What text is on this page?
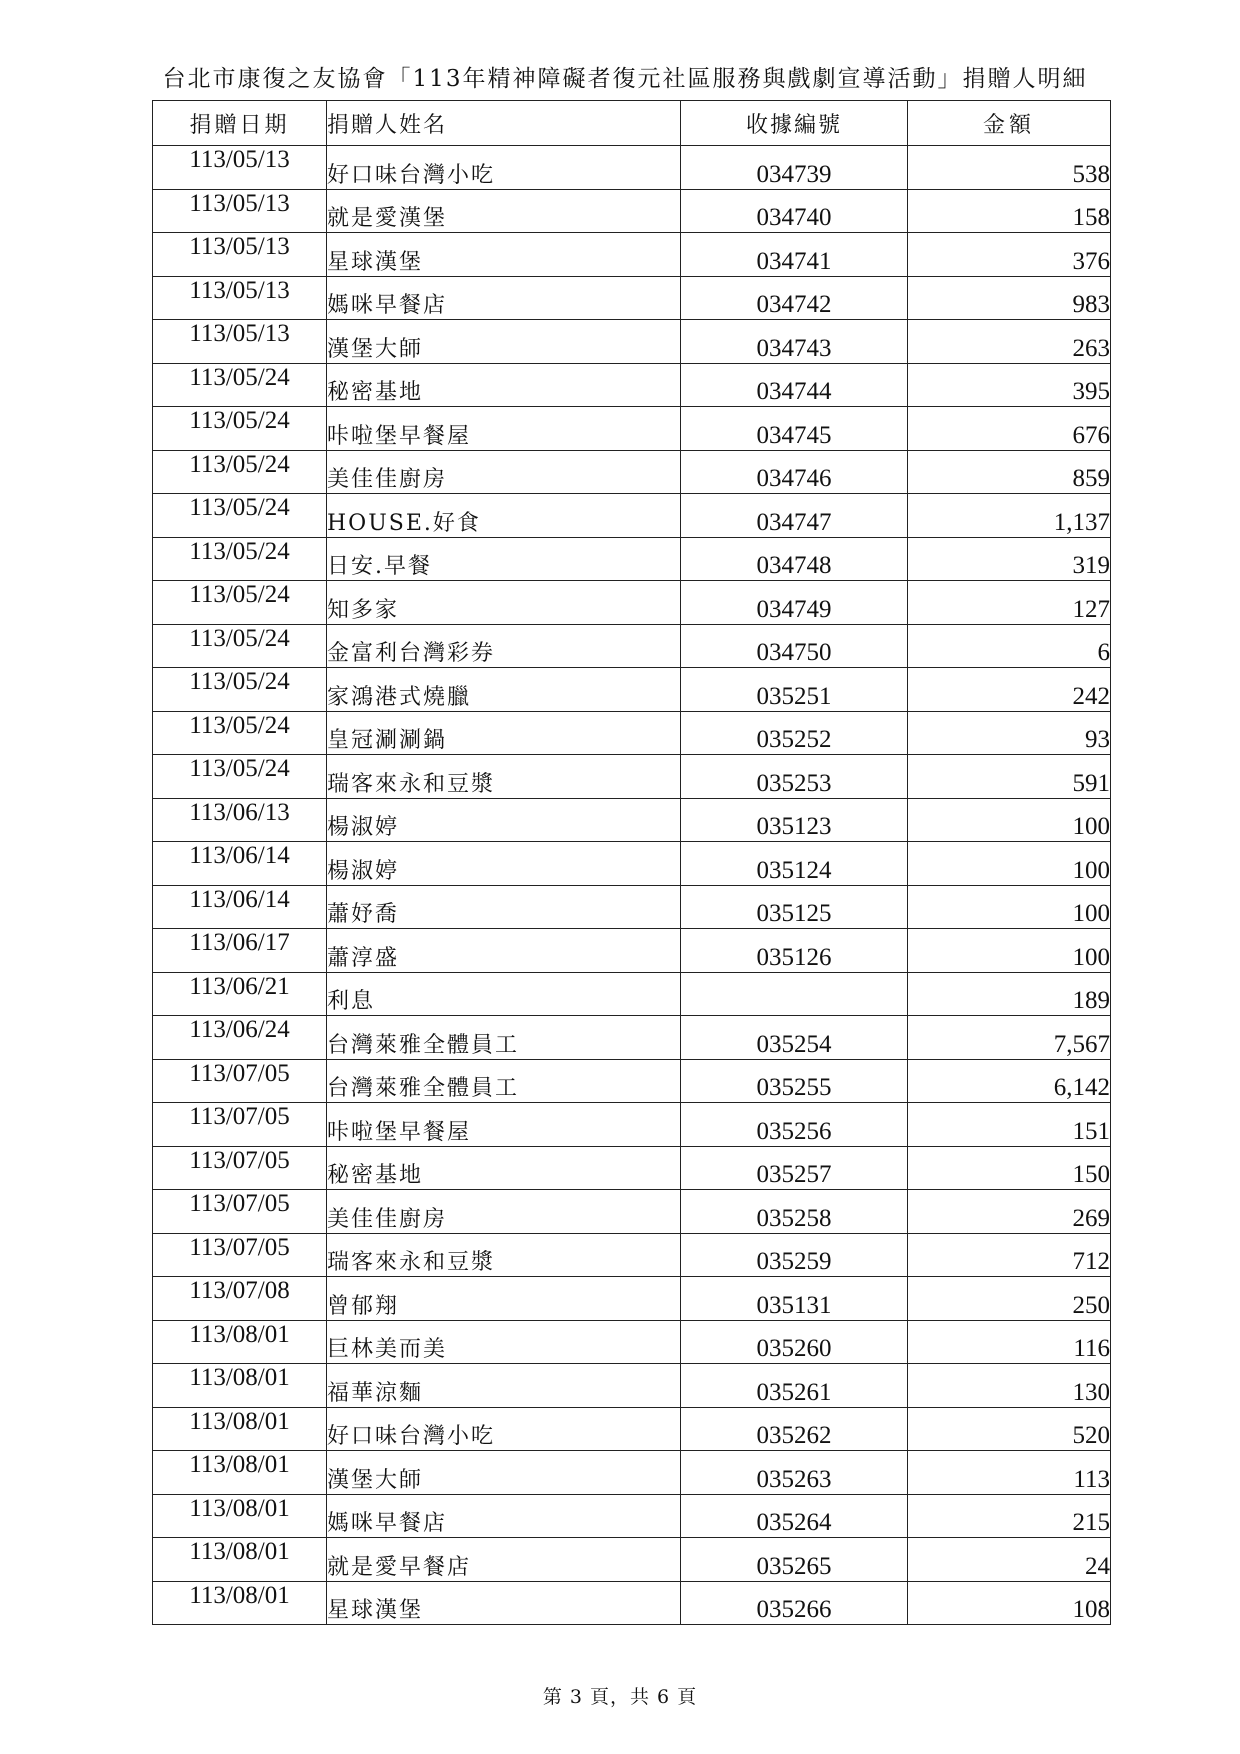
台北市康復之友協會「113年精神障礙者復元社區服務與戲劇宣導活動」捐贈人明細
捐贈日期	捐贈人姓名	收據編號	金額
113/05/13	好口味台灣小吃	034739	538
113/05/13	就是愛漢堡	034740	158
113/05/13	星球漢堡	034741	376
113/05/13	媽咪早餐店	034742	983
113/05/13	漢堡大師	034743	263
113/05/24	秘密基地	034744	395
113/05/24	咔啦堡早餐屋	034745	676
113/05/24	美佳佳廚房	034746	859
113/05/24	HOUSE.好食	034747	1,137
113/05/24	日安.早餐	034748	319
113/05/24	知多家	034749	127
113/05/24	金富利台灣彩券	034750	6
113/05/24	家鴻港式燒臘	035251	242
113/05/24	皇冠涮涮鍋	035252	93
113/05/24	瑞客來永和豆漿	035253	591
113/06/13	楊淑婷	035123	100
113/06/14	楊淑婷	035124	100
113/06/14	蕭妤喬	035125	100
113/06/17	蕭淳盛	035126	100
113/06/21	利息		189
113/06/24	台灣萊雅全體員工	035254	7,567
113/07/05	台灣萊雅全體員工	035255	6,142
113/07/05	咔啦堡早餐屋	035256	151
113/07/05	秘密基地	035257	150
113/07/05	美佳佳廚房	035258	269
113/07/05	瑞客來永和豆漿	035259	712
113/07/08	曾郁翔	035131	250
113/08/01	巨林美而美	035260	116
113/08/01	福華涼麵	035261	130
113/08/01	好口味台灣小吃	035262	520
113/08/01	漢堡大師	035263	113
113/08/01	媽咪早餐店	035264	215
113/08/01	就是愛早餐店	035265	24
113/08/01	星球漢堡	035266	108
第 3 頁，共 6 頁
